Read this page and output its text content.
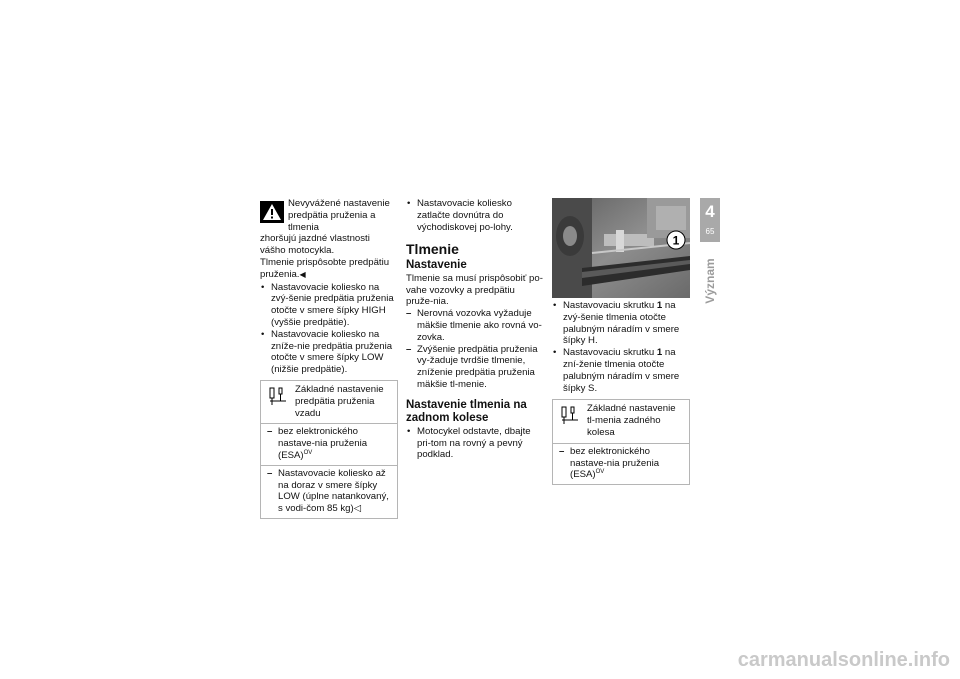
Nevyvážené nastavenie

predpätia pruženia a tlmenia

zhoršujú jazdné vlastnosti vášho motocykla.

Tlmenie prispôsobte predpätiu pruženia.◀

• Nastavovacie koliesko na zvý-šenie predpätia pruženia otočte v smere šípky HIGH (vyššie predpätie).
• Nastavovacie koliesko na zníže-nie predpätia pruženia otočte v smere šípky LOW (nižšie predpätie).
Základné nastavenie predpätia pruženia vzadu
– bez elektronického nastave-nia pruženia (ESA)$^{OV}$
– Nastavovacie koliesko až na doraz v smere šípky LOW (úplne natankovaný, s vodi-čom 85 kg)◁
• Nastavovacie koliesko zatlačte dovnútra do východiskovej po-lohy.
Tlmenie
Nastavenie

Tlmenie sa musí prispôsobiť po-vahe vozovky a predpätiu pruže-nia.

– Nerovná vozovka vyžaduje mäkšie tlmenie ako rovná vo-zovka.
– Zvýšenie predpätia pruženia vy-žaduje tvrdšie tlmenie, zníženie predpätia pruženia mäkšie tl-menie.
Nastavenie tlmenia na zadnom kolese
• Motocykel odstavte, dbajte pri-tom na rovný a pevný podklad.
1
• Nastavovaciu skrutku 1 na zvý-šenie tlmenia otočte palubným náradím v smere šípky H.
• Nastavovaciu skrutku 1 na zní-ženie tlmenia otočte palubným náradím v smere šípky S.
Základné nastavenie tl-menia zadného kolesa
– bez elektronického nastave-nia pruženia (ESA)$^{OV}$
4
65
Význam
carmanualsonline.info
